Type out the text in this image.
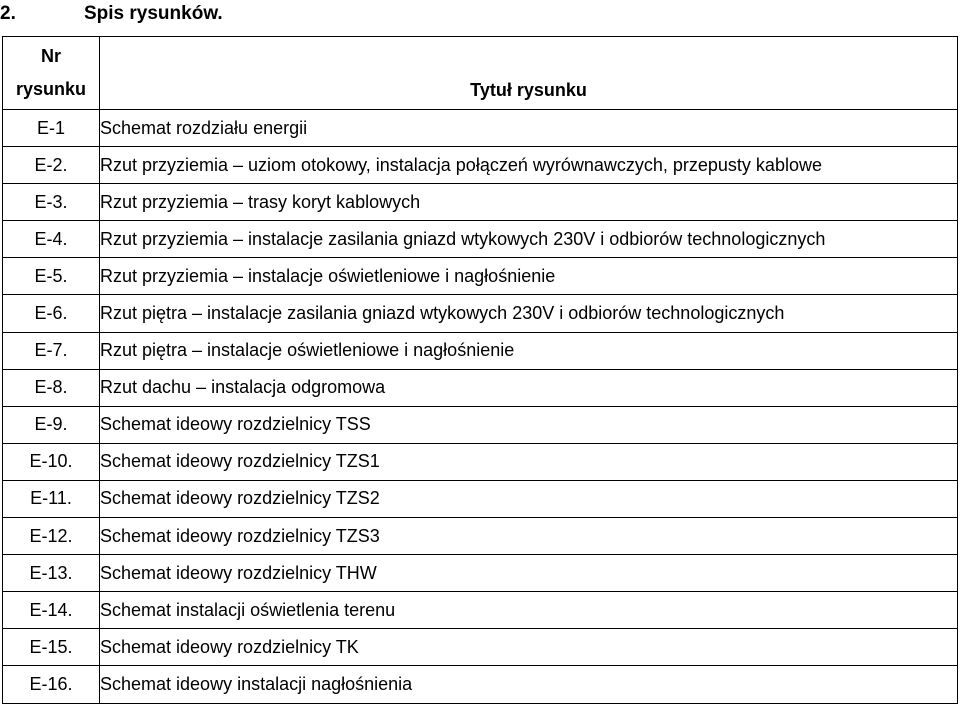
2.	Spis rysunków.
Nr
rysunku	Tytuł rysunku
E-1	Schemat rozdziału energii
E-2.	Rzut przyziemia – uziom otokowy, instalacja połączeń wyrównawczych, przepusty kablowe
E-3.	Rzut przyziemia – trasy koryt kablowych
E-4.	Rzut przyziemia – instalacje zasilania gniazd wtykowych 230V i odbiorów technologicznych
E-5.	Rzut przyziemia – instalacje oświetleniowe i nagłośnienie
E-6.	Rzut piętra – instalacje zasilania gniazd wtykowych 230V i odbiorów technologicznych
E-7.	Rzut piętra – instalacje oświetleniowe i nagłośnienie
E-8.	Rzut dachu – instalacja odgromowa
E-9.	Schemat ideowy rozdzielnicy TSS
E-10.	Schemat ideowy rozdzielnicy TZS1
E-11.	Schemat ideowy rozdzielnicy TZS2
E-12.	Schemat ideowy rozdzielnicy TZS3
E-13.	Schemat ideowy rozdzielnicy THW
E-14.	Schemat instalacji oświetlenia terenu
E-15.	Schemat ideowy rozdzielnicy TK
E-16.	Schemat ideowy instalacji nagłośnienia
